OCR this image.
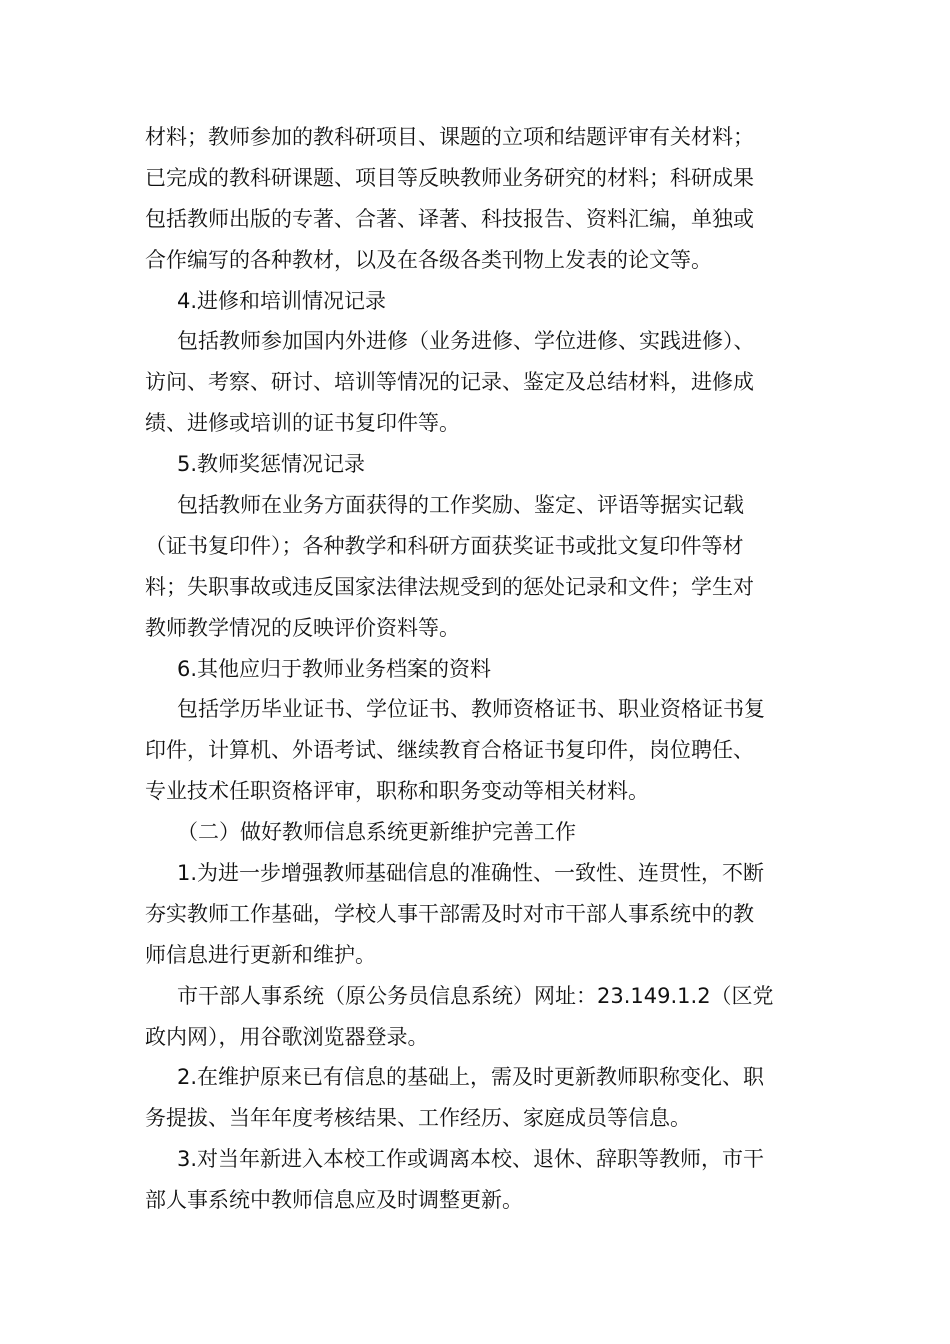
材料；教师参加的教科研项目、课题的立项和结题评审有关材料；
已完成的教科研课题、项目等反映教师业务研究的材料；科研成果
包括教师出版的专著、合著、译著、科技报告、资料汇编，单独或
合作编写的各种教材，以及在各级各类刊物上发表的论文等。
4.进修和培训情况记录
包括教师参加国内外进修（业务进修、学位进修、实践进修）、
访问、考察、研讨、培训等情况的记录、鉴定及总结材料，进修成
绩、进修或培训的证书复印件等。
5.教师奖惩情况记录
包括教师在业务方面获得的工作奖励、鉴定、评语等据实记载
（证书复印件）；各种教学和科研方面获奖证书或批文复印件等材
料；失职事故或违反国家法律法规受到的惩处记录和文件；学生对
教师教学情况的反映评价资料等。
6.其他应归于教师业务档案的资料
包括学历毕业证书、学位证书、教师资格证书、职业资格证书复
印件，计算机、外语考试、继续教育合格证书复印件，岗位聘任、
专业技术任职资格评审，职称和职务变动等相关材料。
（二）做好教师信息系统更新维护完善工作
1.为进一步增强教师基础信息的准确性、一致性、连贯性，不断
夯实教师工作基础，学校人事干部需及时对市干部人事系统中的教
师信息进行更新和维护。
市干部人事系统（原公务员信息系统）网址：23.149.1.2（区党
政内网），用谷歌浏览器登录。
2.在维护原来已有信息的基础上，需及时更新教师职称变化、职
务提拔、当年年度考核结果、工作经历、家庭成员等信息。
3.对当年新进入本校工作或调离本校、退休、辞职等教师，市干
部人事系统中教师信息应及时调整更新。
